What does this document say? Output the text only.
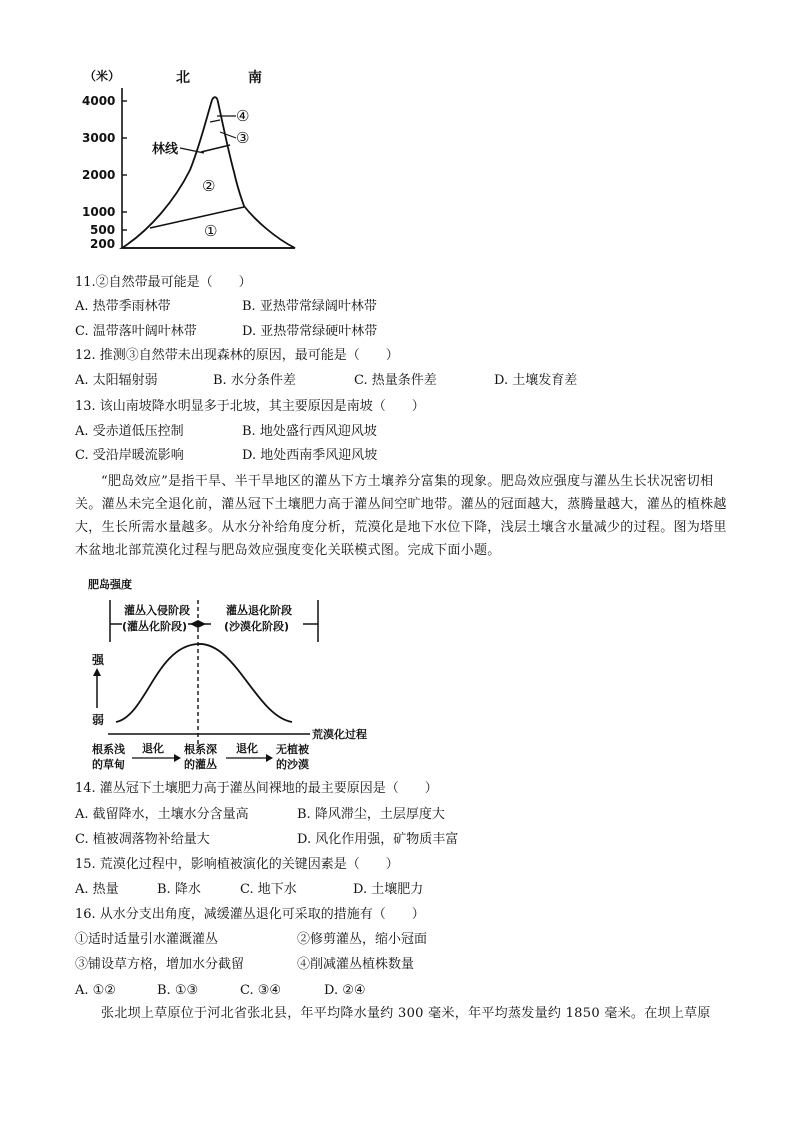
（米）	北	南
4000
3000
2000
1000
500
200
林线
④
③
②
①
11.②自然带最可能是（　　）
A. 热带季雨林带	B. 亚热带常绿阔叶林带
C. 温带落叶阔叶林带	D. 亚热带常绿硬叶林带
12. 推测③自然带未出现森林的原因，最可能是（　　）
A. 太阳辐射弱	B. 水分条件差	C. 热量条件差	D. 土壤发育差
13. 该山南坡降水明显多于北坡，其主要原因是南坡（　　）
A. 受赤道低压控制	B. 地处盛行西风迎风坡
C. 受沿岸暖流影响	D. 地处西南季风迎风坡
“肥岛效应”是指干旱、半干旱地区的灌丛下方土壤养分富集的现象。肥岛效应强度与灌丛生长状况密切相关。灌丛未完全退化前，灌丛冠下土壤肥力高于灌丛间空旷地带。灌丛的冠面越大，蒸腾量越大，灌丛的植株越大，生长所需水量越多。从水分补给角度分析，荒漠化是地下水位下降，浅层土壤含水量减少的过程。图为塔里木盆地北部荒漠化过程与肥岛效应强度变化关联模式图。完成下面小题。
肥岛强度
灌丛入侵阶段
(灌丛化阶段)
灌丛退化阶段
(沙漠化阶段)
强
弱
荒漠化过程
根系浅
的草甸
退化 根系深
的灌丛
退化 无植被
的沙漠
14. 灌丛冠下土壤肥力高于灌丛间裸地的最主要原因是（　　）
A. 截留降水，土壤水分含量高	B. 降风滞尘，土层厚度大
C. 植被凋落物补给量大	D. 风化作用强，矿物质丰富
15. 荒漠化过程中，影响植被演化的关键因素是（　　）
A. 热量	B. 降水	C. 地下水	D. 土壤肥力
16. 从水分支出角度，减缓灌丛退化可采取的措施有（　　）
①适时适量引水灌溉灌丛	②修剪灌丛，缩小冠面
③铺设草方格，增加水分截留	④削减灌丛植株数量
A. ①②	B. ①③	C. ③④	D. ②④
张北坝上草原位于河北省张北县，年平均降水量约 300 毫米，年平均蒸发量约 1850 毫米。在坝上草原
